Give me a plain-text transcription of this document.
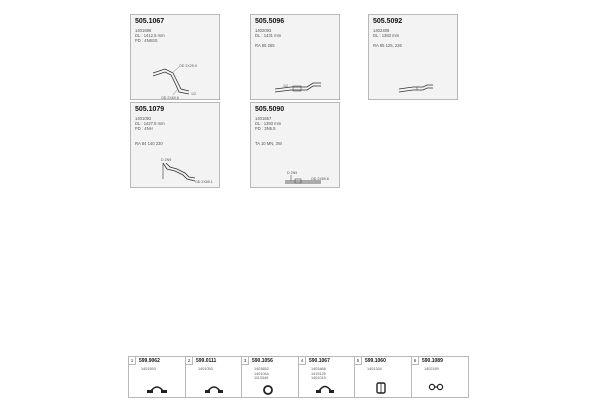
505.1067
1401696
DL : 1412.5 mm
PD : 4N6SS
OD 2X25.9
OD 2X69.8
1/2
505.5096
1402093
DL : 1431 mm
RA 85 265
1/2
505.5092
1402406
DL : 1383 mm
RA 85 125, 226
505.1079
1401092
DL : 1427.8 mm
PD : 4NH
RA 84 140 230
D 2N9
OD 2X69.1
505.5090
1401657
DL : 1393 mm
PD : 3N5.5
TA 10 MN, 3W
D 2N9
OD 2X69.8
1	599.9062
1401593
2	599.0111
1401053
3	590.1056
1403652
1401044
1113349
4	590.1067
1403468
1419125
1401015
5	599.1060
1401334
6	590.1089
1402189
